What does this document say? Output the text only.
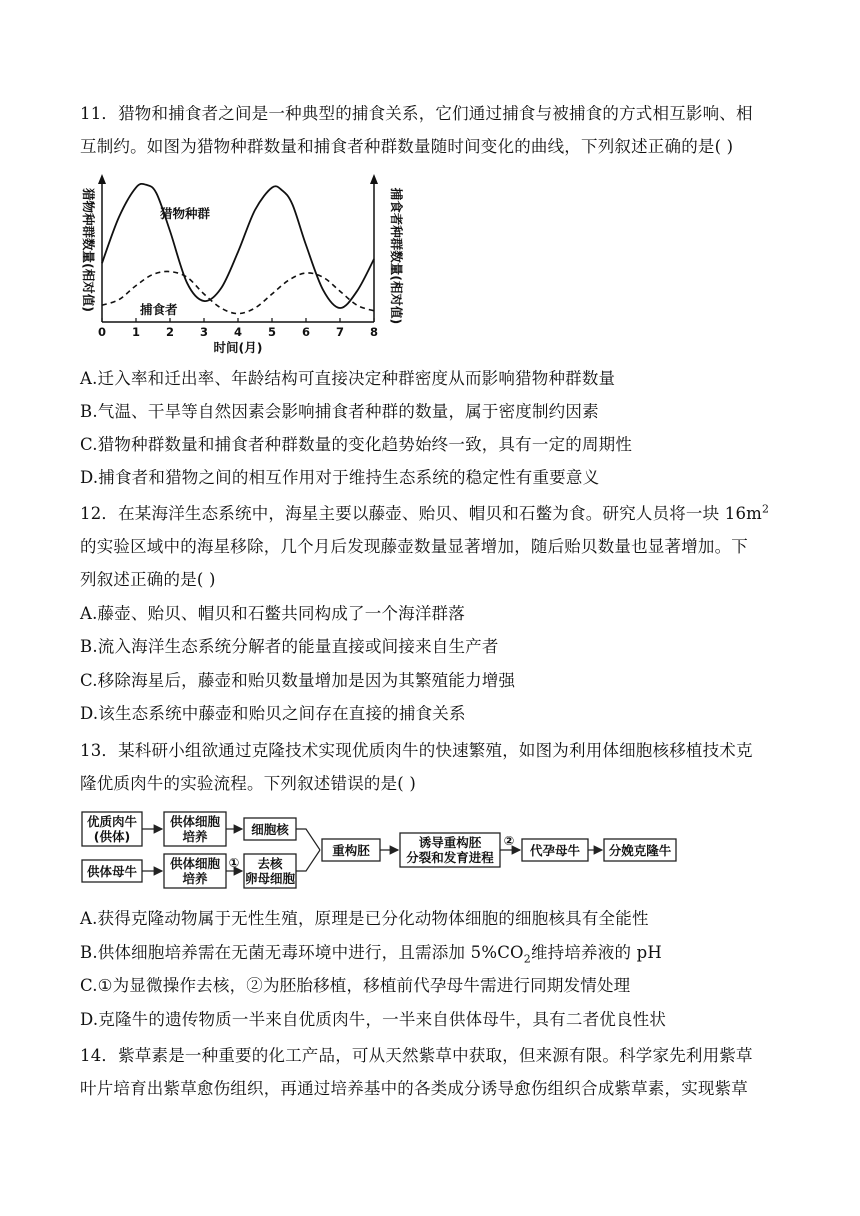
11．猎物和捕食者之间是一种典型的捕食关系，它们通过捕食与被捕食的方式相互影响、相
互制约。如图为猎物种群数量和捕食者种群数量随时间变化的曲线，下列叙述正确的是( )
猎物种群数量(相对值)	捕食者种群数量(相对值)
0 1 2 3 4 5 6 7 8
时间(月)
猎物种群
捕食者
A.迁入率和迁出率、年龄结构可直接决定种群密度从而影响猎物种群数量
B.气温、干旱等自然因素会影响捕食者种群的数量，属于密度制约因素
C.猎物种群数量和捕食者种群数量的变化趋势始终一致，具有一定的周期性
D.捕食者和猎物之间的相互作用对于维持生态系统的稳定性有重要意义
12．在某海洋生态系统中，海星主要以藤壶、贻贝、帽贝和石鳖为食。研究人员将一块 $16m^2$
的实验区域中的海星移除，几个月后发现藤壶数量显著增加，随后贻贝数量也显著增加。下
列叙述正确的是( )
A.藤壶、贻贝、帽贝和石鳖共同构成了一个海洋群落
B.流入海洋生态系统分解者的能量直接或间接来自生产者
C.移除海星后，藤壶和贻贝数量增加是因为其繁殖能力增强
D.该生态系统中藤壶和贻贝之间存在直接的捕食关系
13．某科研小组欲通过克隆技术实现优质肉牛的快速繁殖，如图为利用体细胞核移植技术克
隆优质肉牛的实验流程。下列叙述错误的是( )
优质肉牛
(供体)
供体细胞
培养	细胞核
供体母牛
供体细胞
培养
① 去核
卵母细胞
重构胚
诱导重构胚
分裂和发育进程
②
代孕母牛 分娩克隆牛
A.获得克隆动物属于无性生殖，原理是已分化动物体细胞的细胞核具有全能性
B.供体细胞培养需在无菌无毒环境中进行，且需添加 $5\%CO_2$维持培养液的 pH
C.①为显微操作去核，②为胚胎移植，移植前代孕母牛需进行同期发情处理
D.克隆牛的遗传物质一半来自优质肉牛，一半来自供体母牛，具有二者优良性状
14．紫草素是一种重要的化工产品，可从天然紫草中获取，但来源有限。科学家先利用紫草
叶片培育出紫草愈伤组织，再通过培养基中的各类成分诱导愈伤组织合成紫草素，实现紫草
